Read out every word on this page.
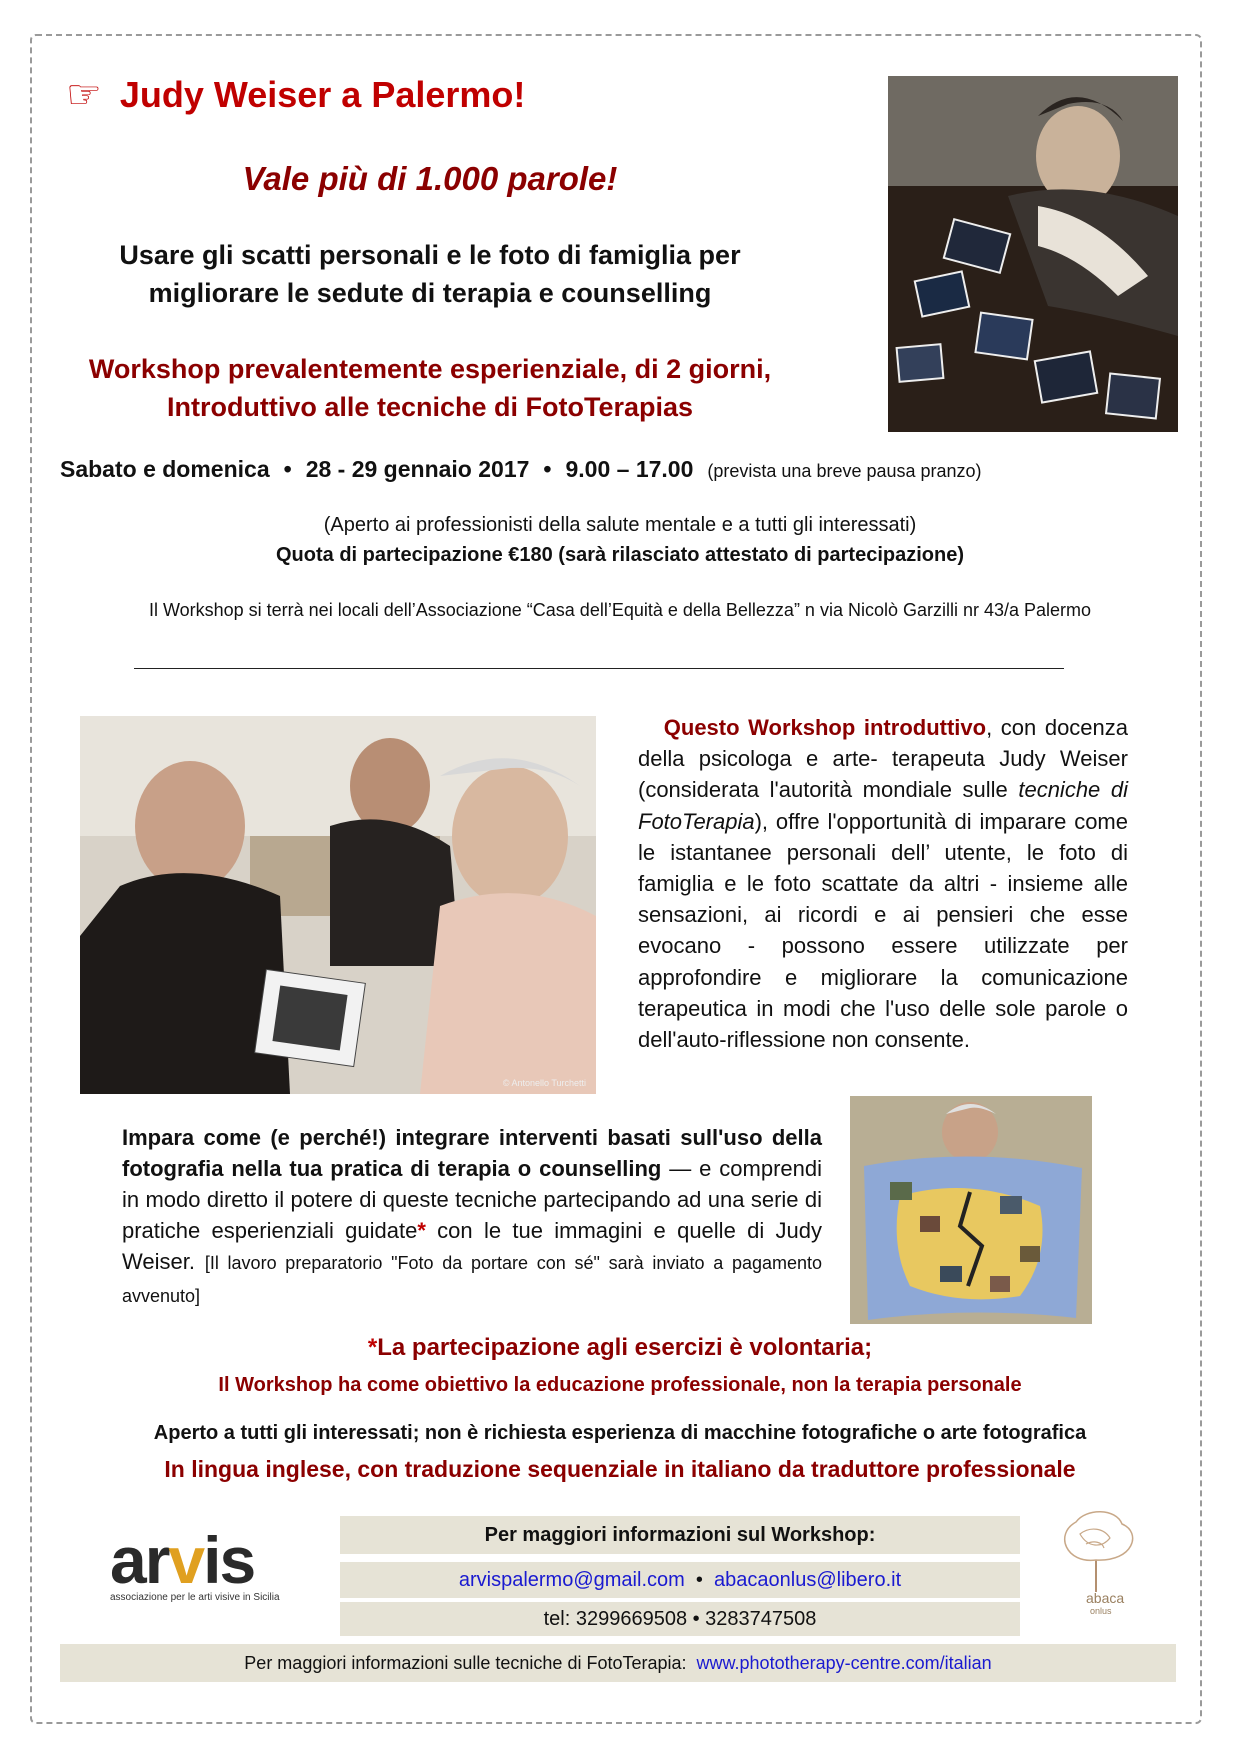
☞ Judy Weiser a Palermo!
Vale più di 1.000 parole!
Usare gli scatti personali e le foto di famiglia per
migliorare le sedute di terapia e counselling
Workshop prevalentemente esperienziale, di 2 giorni,
Introduttivo alle tecniche di FotoTerapias
Sabato e domenica • 28 - 29 gennaio 2017 • 9.00 – 17.00 (prevista una breve pausa pranzo)
(Aperto ai professionisti della salute mentale e a tutti gli interessati)
Quota di partecipazione €180 (sarà rilasciato attestato di partecipazione)
Il Workshop si terrà nei locali dell’Associazione “Casa dell’Equità e della Bellezza” n via Nicolò Garzilli nr 43/a Palermo
© Antonello Turchetti
Questo Workshop introduttivo, con docenza della psicologa e arte- terapeuta Judy Weiser (considerata l'autorità mondiale sulle tecniche di FotoTerapia), offre l'opportunità di imparare come le istantanee personali dell’ utente, le foto di famiglia e le foto scattate da altri - insieme alle sensazioni, ai ricordi e ai pensieri che esse evocano - possono essere utilizzate per approfondire e migliorare la comunicazione terapeutica in modi che l'uso delle sole parole o dell'auto-riflessione non consente.
Impara come (e perché!) integrare interventi basati sull'uso della fotografia nella tua pratica di terapia o counselling — e comprendi in modo diretto il potere di queste tecniche partecipando ad una serie di pratiche esperienziali guidate* con le tue immagini e quelle di Judy Weiser. [Il lavoro preparatorio "Foto da portare con sé" sarà inviato a pagamento avvenuto]
*La partecipazione agli esercizi è volontaria;
Il Workshop ha come obiettivo la educazione professionale, non la terapia personale
Aperto a tutti gli interessati; non è richiesta esperienza di macchine fotografiche o arte fotografica
In lingua inglese, con traduzione sequenziale in italiano da traduttore professionale
arvis
associazione per le arti visive in Sicilia
Per maggiori informazioni sul Workshop:
arvispalermo@gmail.com • abacaonlus@libero.it
tel: 3299669508 • 3283747508
abaca
onlus
Per maggiori informazioni sulle tecniche di FotoTerapia: www.phototherapy-centre.com/italian
